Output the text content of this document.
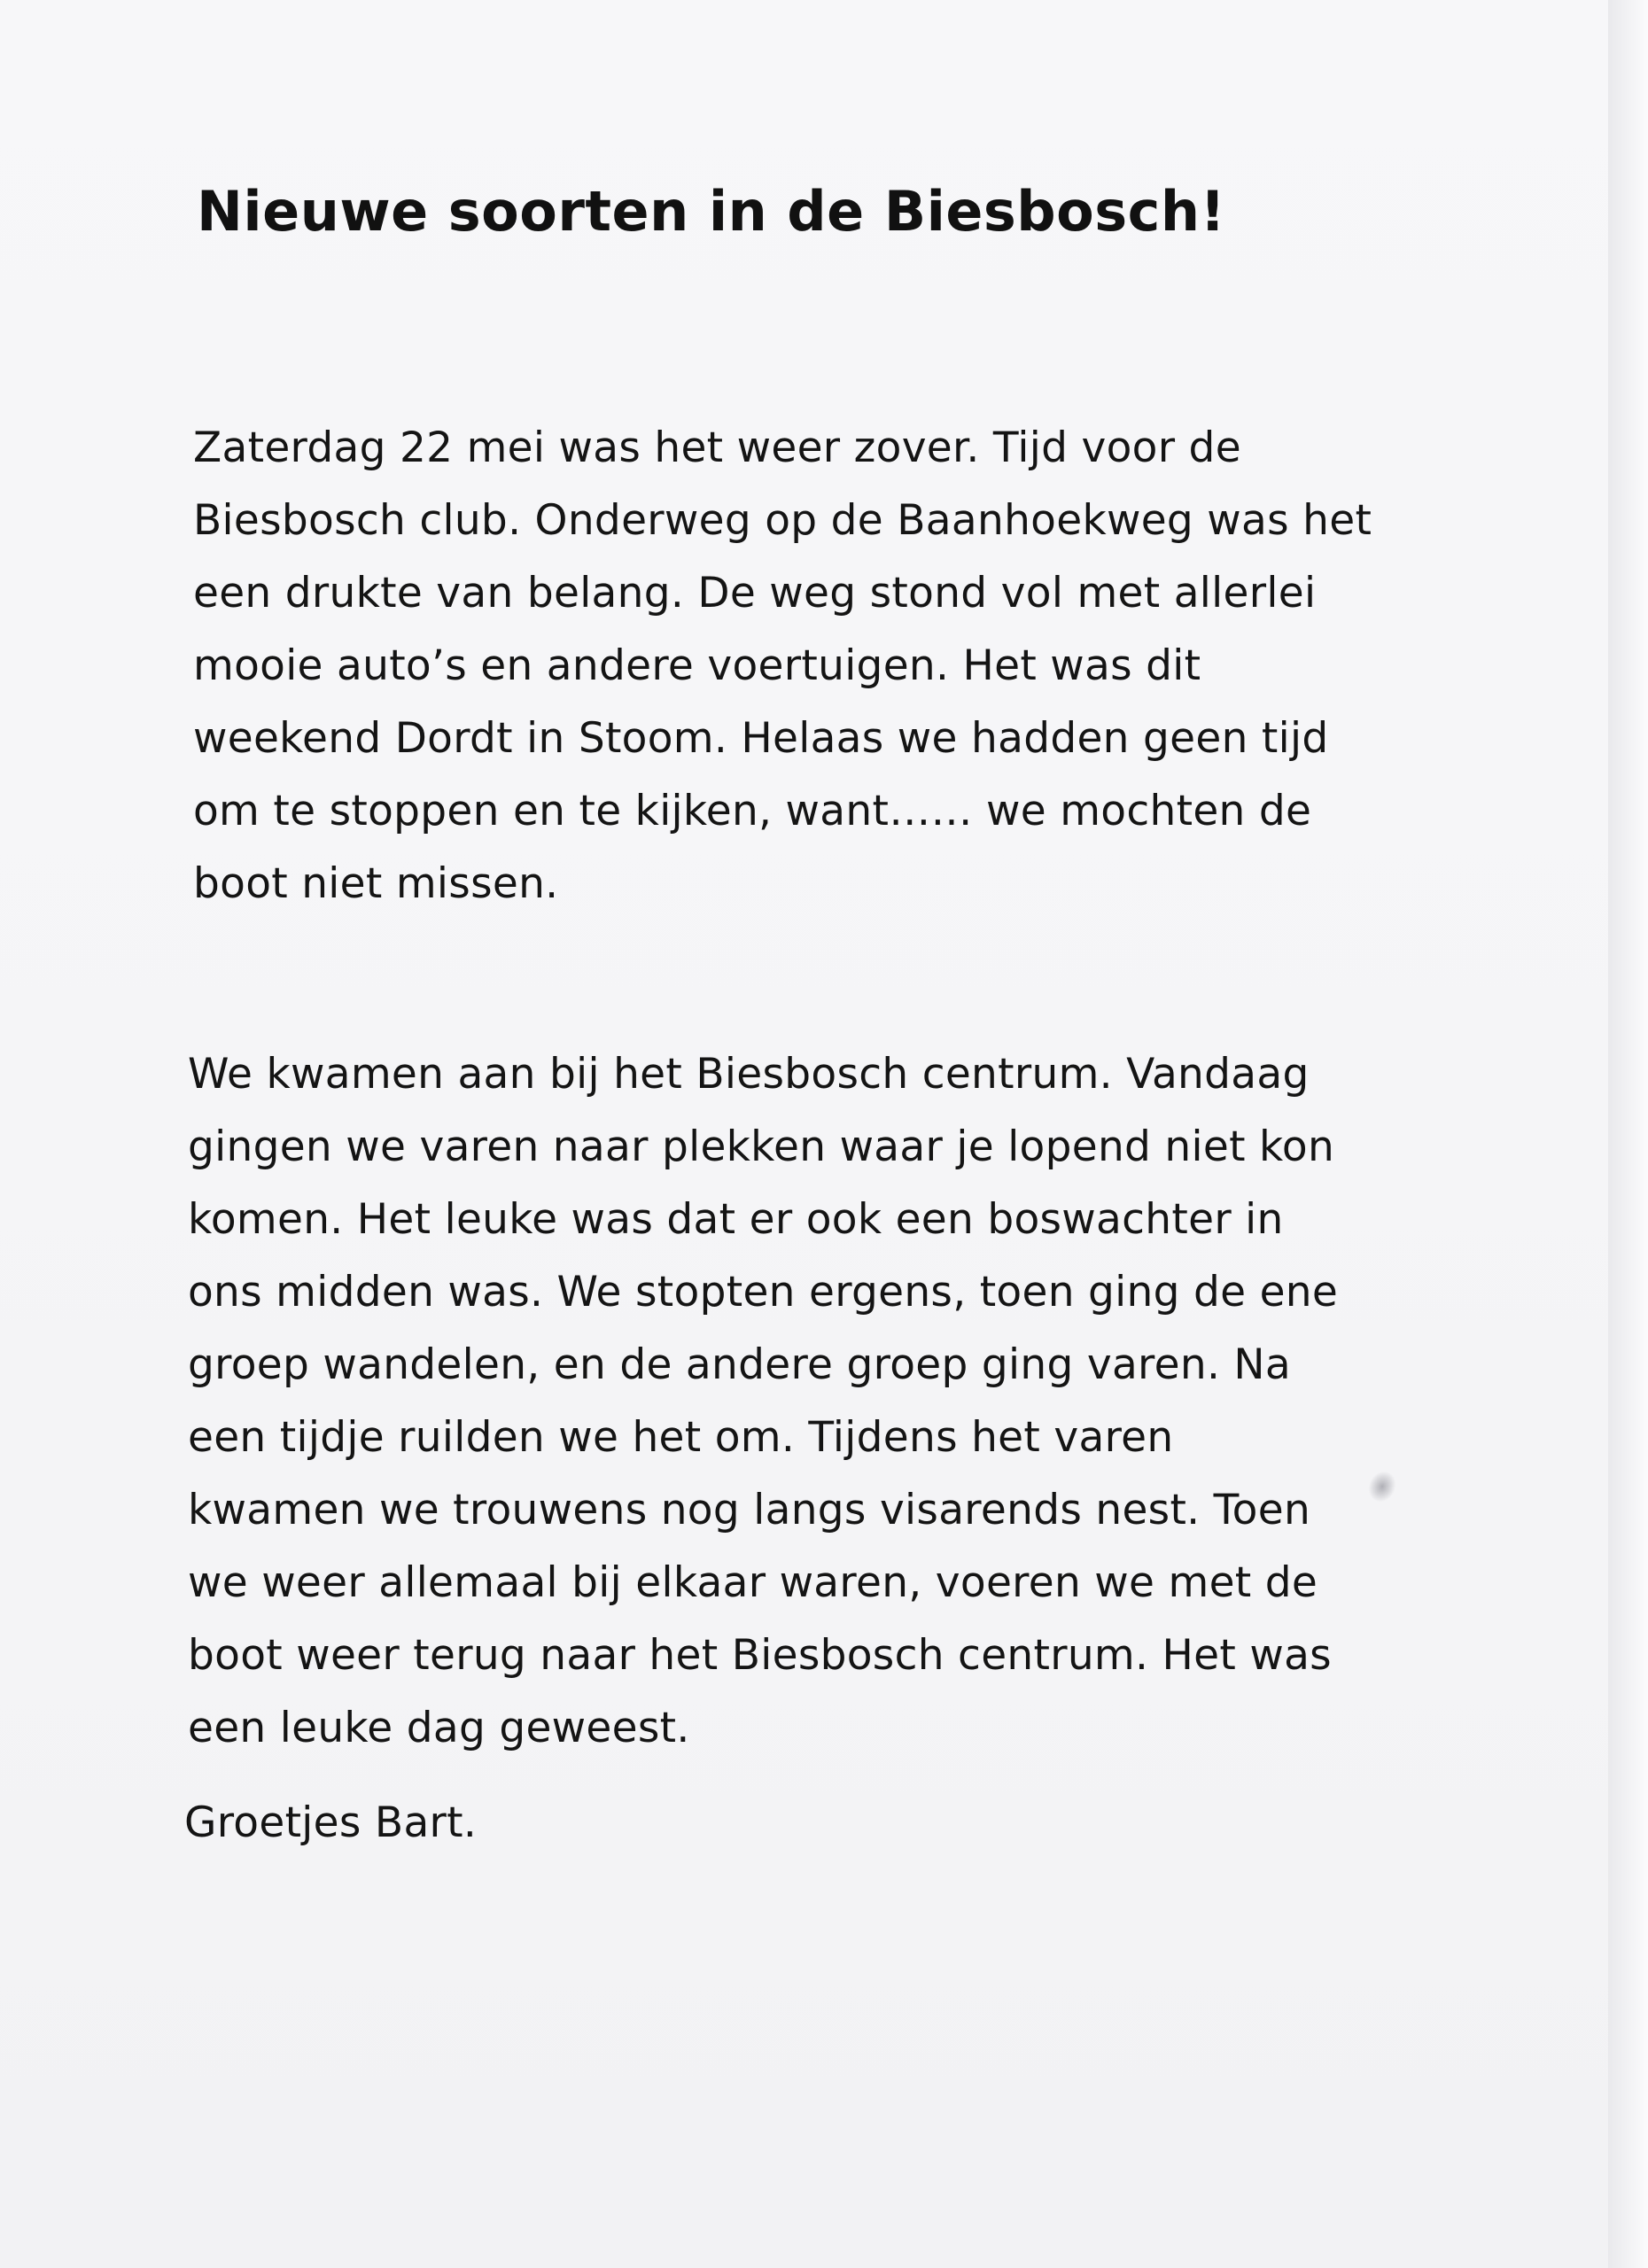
Nieuwe soorten in de Biesbosch!

Zaterdag 22 mei was het weer zover. Tijd voor de
Biesbosch club. Onderweg op de Baanhoekweg was het
een drukte van belang. De weg stond vol met allerlei
mooie auto’s en andere voertuigen. Het was dit
weekend Dordt in Stoom. Helaas we hadden geen tijd
om te stoppen en te kijken, want…… we mochten de
boot niet missen.

We kwamen aan bij het Biesbosch centrum. Vandaag
gingen we varen naar plekken waar je lopend niet kon
komen. Het leuke was dat er ook een boswachter in
ons midden was. We stopten ergens, toen ging de ene
groep wandelen, en de andere groep ging varen. Na
een tijdje ruilden we het om. Tijdens het varen
kwamen we trouwens nog langs visarends nest. Toen
we weer allemaal bij elkaar waren, voeren we met de
boot weer terug naar het Biesbosch centrum. Het was
een leuke dag geweest.

Groetjes Bart.
